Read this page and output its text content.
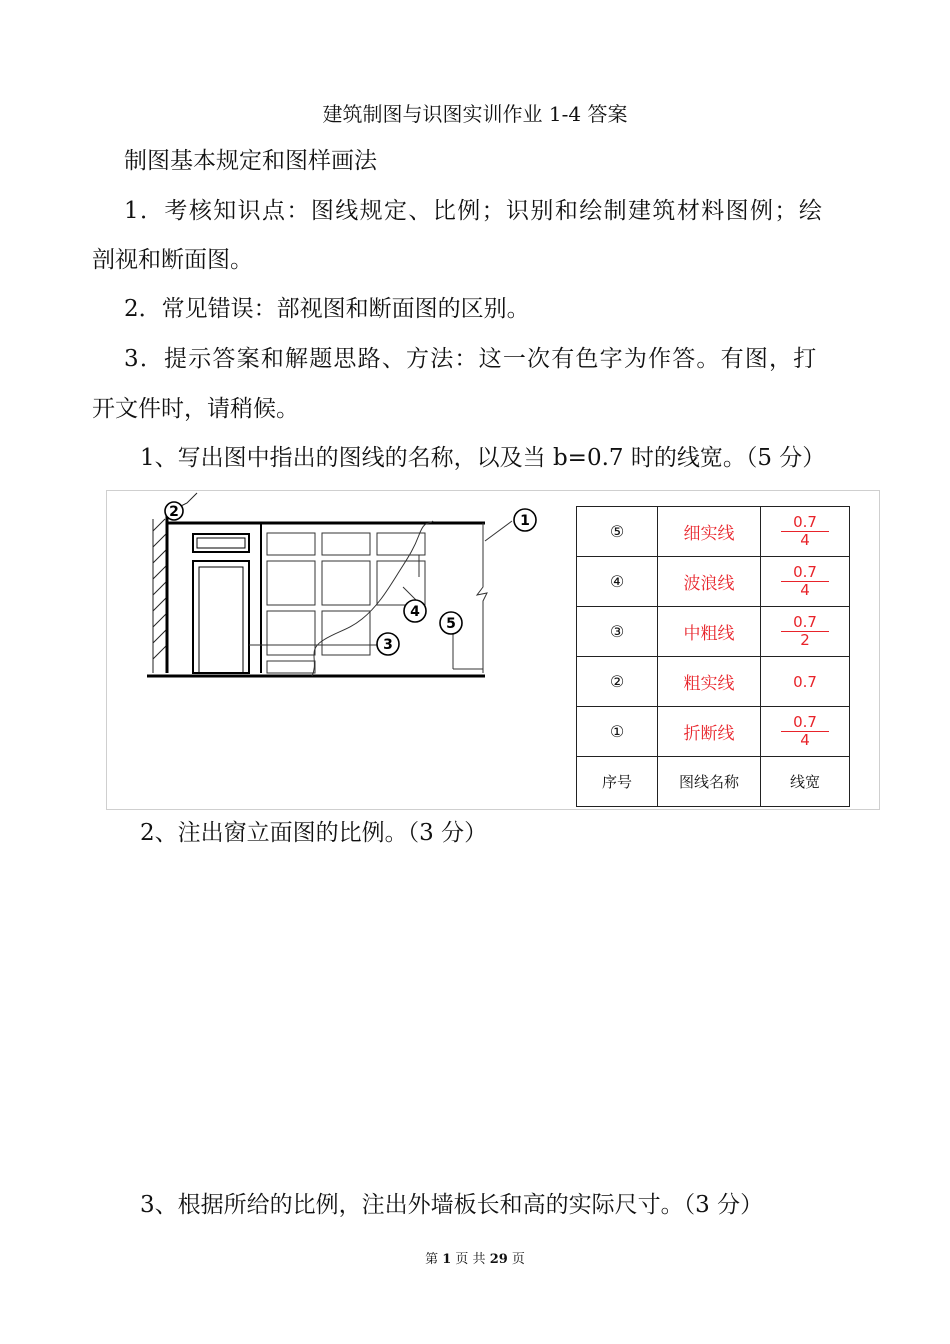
建筑制图与识图实训作业 1-4 答案
制图基本规定和图样画法
1．考核知识点：图线规定、比例；识别和绘制建筑材料图例；绘
剖视和断面图。
2．常见错误：部视图和断面图的区别。
3．提示答案和解题思路、方法：这一次有色字为作答。有图，打
开文件时，请稍候。
1、写出图中指出的图线的名称，以及当 b=0.7 时的线宽。（5 分）
2
1
3
4
5
⑤	细实线	$\frac{0.7}{4}$

④	波浪线	$\frac{0.7}{4}$

③	中粗线	$\frac{0.7}{2}$

②	粗实线	0.7
①	折断线	$\frac{0.7}{4}$

序号	图线名称	线宽
2、注出窗立面图的比例。（3 分）
3、根据所给的比例，注出外墙板长和高的实际尺寸。（3 分）
第 1 页 共 29 页
